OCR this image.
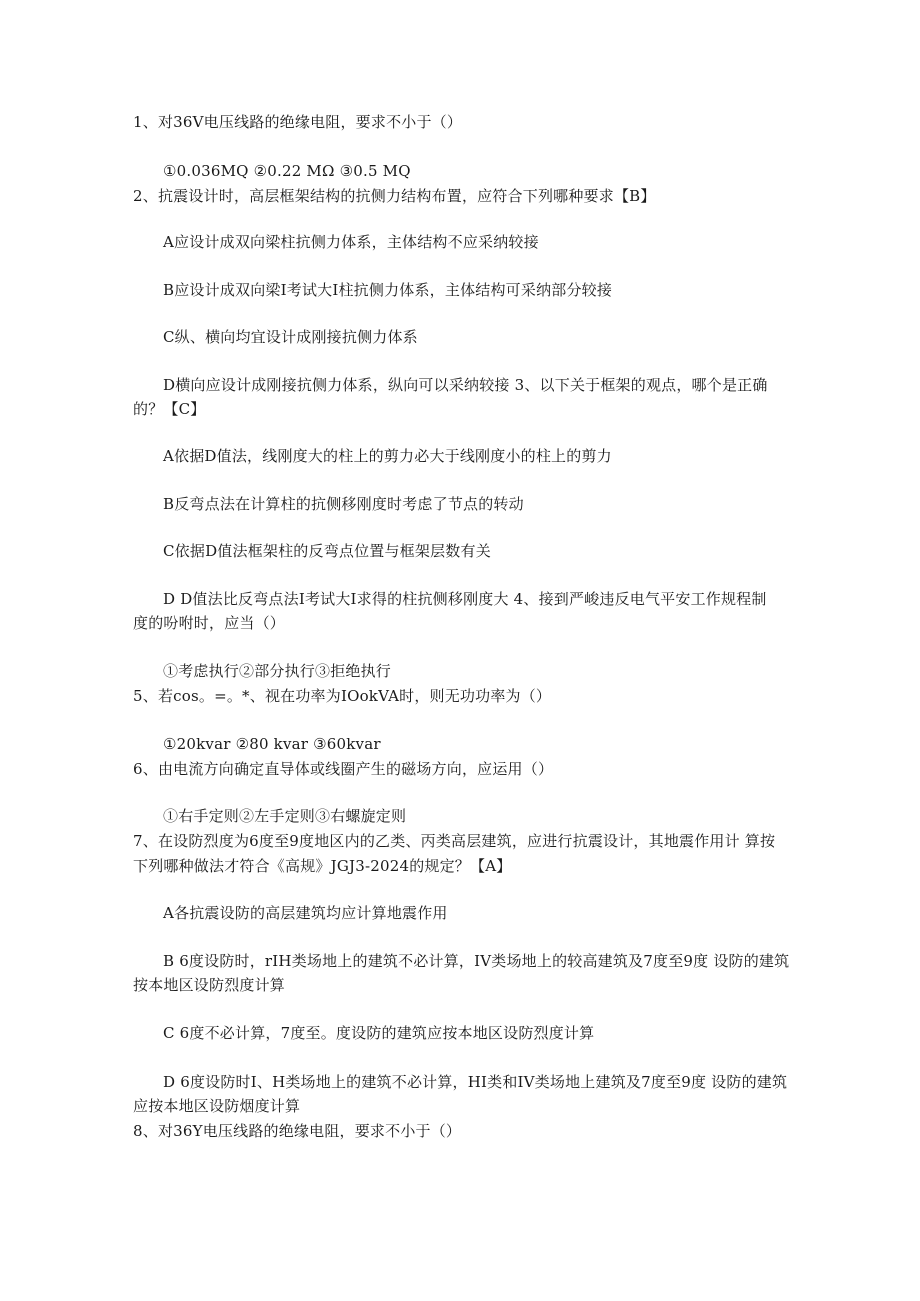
1、对36V电压线路的绝缘电阻，要求不小于（）
①0.036MQ ②0.22 MΩ ③0.5 MQ
2、抗震设计时，高层框架结构的抗侧力结构布置，应符合下列哪种要求【B】
A应设计成双向梁柱抗侧力体系，主体结构不应采纳较接
B应设计成双向梁I考试大I柱抗侧力体系，主体结构可采纳部分较接
C纵、横向均宜设计成刚接抗侧力体系
D横向应设计成刚接抗侧力体系，纵向可以采纳较接 3、以下关于框架的观点，哪个是正确
的？【C】
A依据D值法，线刚度大的柱上的剪力必大于线刚度小的柱上的剪力
B反弯点法在计算柱的抗侧移刚度时考虑了节点的转动
C依据D值法框架柱的反弯点位置与框架层数有关
D D值法比反弯点法I考试大I求得的柱抗侧移刚度大 4、接到严峻违反电气平安工作规程制
度的吩咐时，应当（）
①考虑执行②部分执行③拒绝执行
5、若cos。=。*、视在功率为IOokVA时，则无功功率为（）
①20kvar ②80 kvar ③60kvar
6、由电流方向确定直导体或线圈产生的磁场方向，应运用（）
①右手定则②左手定则③右螺旋定则
7、在设防烈度为6度至9度地区内的乙类、丙类高层建筑，应进行抗震设计，其地震作用计 算按
下列哪种做法才符合《高规》JGJ3-2024的规定？【A】
A各抗震设防的高层建筑均应计算地震作用
B 6度设防时，rIH类场地上的建筑不必计算，IV类场地上的较高建筑及7度至9度 设防的建筑
按本地区设防烈度计算
C 6度不必计算，7度至。度设防的建筑应按本地区设防烈度计算
D 6度设防时I、H类场地上的建筑不必计算，HI类和IV类场地上建筑及7度至9度 设防的建筑
应按本地区设防烟度计算
8、对36Y电压线路的绝缘电阻，要求不小于（）
